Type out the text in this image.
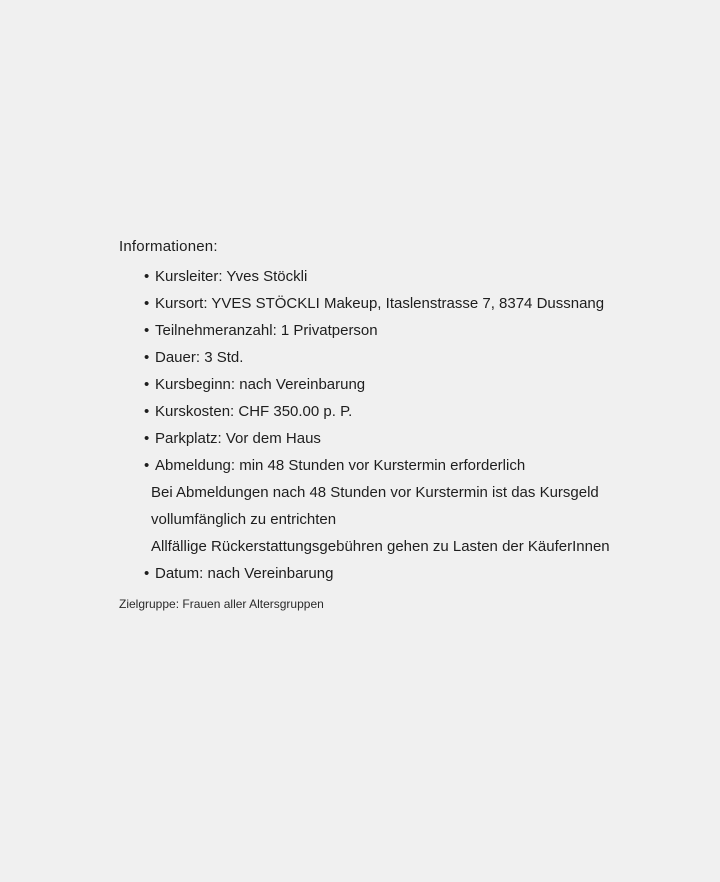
Informationen:
• Kursleiter: Yves Stöckli
• Kursort: YVES STÖCKLI Makeup, Itaslenstrasse 7, 8374 Dussnang
• Teilnehmeranzahl: 1 Privatperson
• Dauer: 3 Std.
• Kursbeginn: nach Vereinbarung
• Kurskosten: CHF 350.00 p. P.
• Parkplatz: Vor dem Haus
• Abmeldung: min 48 Stunden vor Kurstermin erforderlich
Bei Abmeldungen nach 48 Stunden vor Kurstermin ist das Kursgeld
vollumfänglich zu entrichten
Allfällige Rückerstattungsgebühren gehen zu Lasten der KäuferInnen
• Datum: nach Vereinbarung
Zielgruppe: Frauen aller Altersgruppen
